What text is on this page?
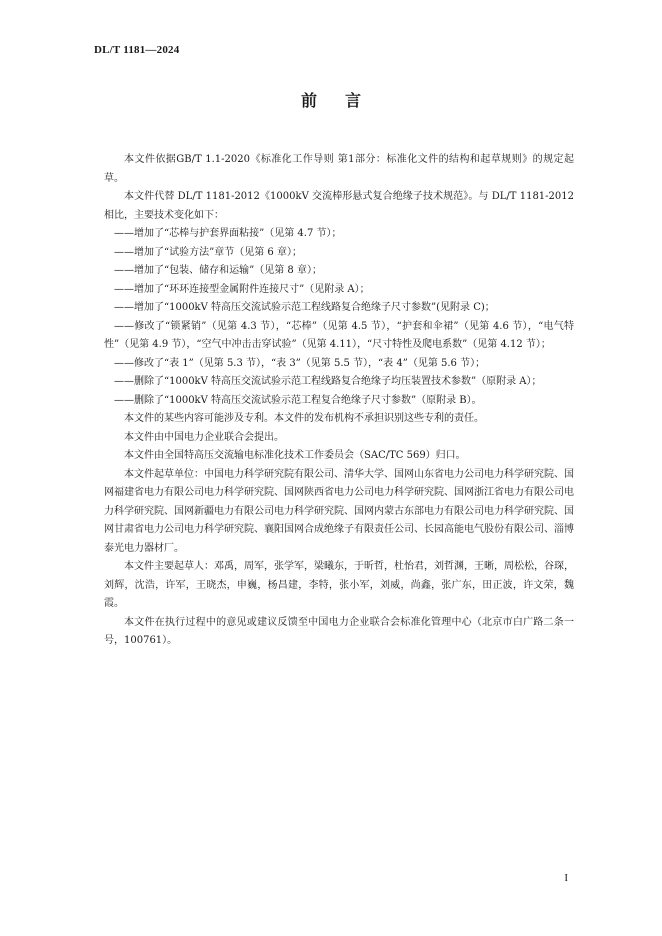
DL/T 1181—2024
前言

本文件依据GB/T 1.1-2020《标准化工作导则 第1部分：标准化文件的结构和起草规则》的规定起草。

本文件代替 DL/T 1181-2012《1000kV 交流棒形悬式复合绝缘子技术规范》。与 DL/T 1181-2012 相比，主要技术变化如下：

——增加了“芯棒与护套界面粘接”（见第 4.7 节）；

——增加了“试验方法”章节（见第 6 章）；

——增加了“包装、储存和运输”（见第 8 章）；

——增加了“环环连接型金属附件连接尺寸”（见附录 A）；

——增加了“1000kV 特高压交流试验示范工程线路复合绝缘子尺寸参数”(见附录 C)；

——修改了“锁紧销”（见第 4.3 节），“芯棒”（见第 4.5 节），“护套和伞裙”（见第 4.6 节），“电气特性”（见第 4.9 节），“空气中冲击击穿试验”（见第 4.11），“尺寸特性及爬电系数”（见第 4.12 节）；

——修改了“表 1”（见第 5.3 节），“表 3”（见第 5.5 节），“表 4”（见第 5.6 节）；

——删除了“1000kV 特高压交流试验示范工程线路复合绝缘子均压装置技术参数”（原附录 A）；

——删除了“1000kV 特高压交流试验示范工程复合绝缘子尺寸参数”（原附录 B）。

本文件的某些内容可能涉及专利。本文件的发布机构不承担识别这些专利的责任。

本文件由中国电力企业联合会提出。

本文件由全国特高压交流输电标准化技术工作委员会（SAC/TC 569）归口。

本文件起草单位：中国电力科学研究院有限公司、清华大学、国网山东省电力公司电力科学研究院、国网福建省电力有限公司电力科学研究院、国网陕西省电力公司电力科学研究院、国网浙江省电力有限公司电力科学研究院、国网新疆电力有限公司电力科学研究院、国网内蒙古东部电力有限公司电力科学研究院、国网甘肃省电力公司电力科学研究院、襄阳国网合成绝缘子有限责任公司、长园高能电气股份有限公司、淄博泰光电力器材厂。

本文件主要起草人：邓禹，周军，张学军，梁曦东，于昕哲，杜怡君，刘哲渊，王晰，周松松，谷琛，刘辉，沈浩，许军，王晓杰，申巍，杨昌建，李特，张小军，刘威，尚鑫，张广东，田正波，许文荣，魏霞。

本文件在执行过程中的意见或建议反馈至中国电力企业联合会标准化管理中心（北京市白广路二条一号，100761）。

I
